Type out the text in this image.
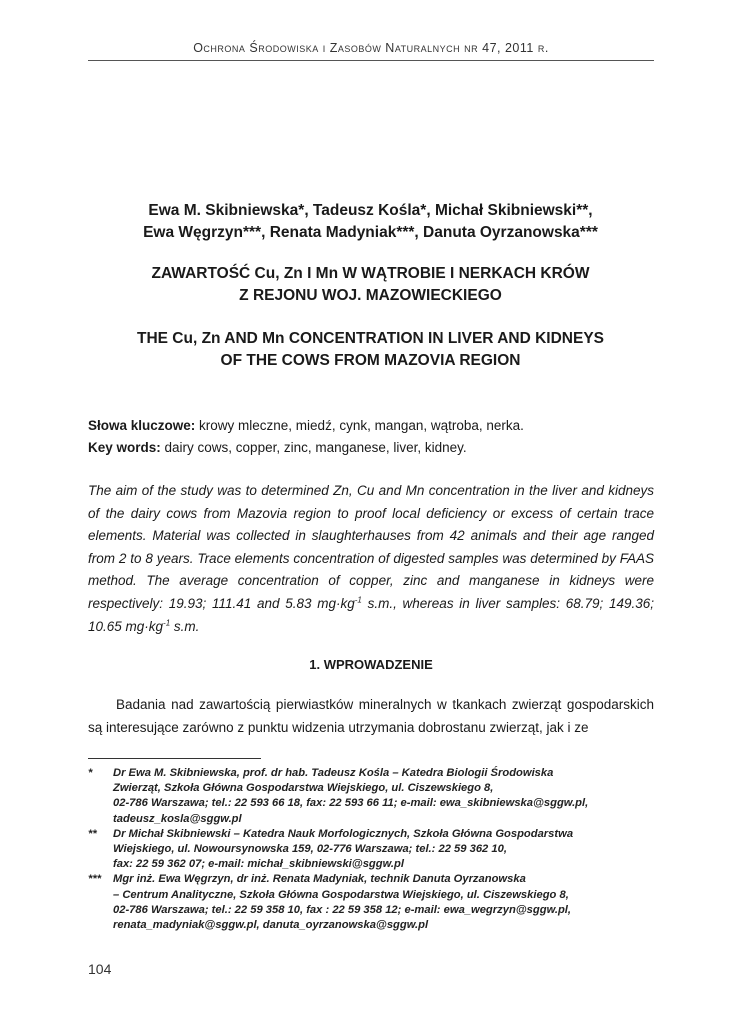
Ochrona Środowiska i Zasobów Naturalnych nr 47, 2011 r.
Ewa M. Skibniewska*, Tadeusz Kośla*, Michał Skibniewski**,
Ewa Węgrzyn***, Renata Madyniak***, Danuta Oyrzanowska***
ZAWARTOŚĆ Cu, Zn I Mn W WĄTROBIE I NERKACH KRÓW
Z REJONU WOJ. MAZOWIECKIEGO
THE Cu, Zn AND Mn CONCENTRATION IN LIVER AND KIDNEYS
OF THE COWS FROM MAZOVIA REGION
Słowa kluczowe: krowy mleczne, miedź, cynk, mangan, wątroba, nerka.
Key words: dairy cows, copper, zinc, manganese, liver, kidney.
The aim of the study was to determined Zn, Cu and Mn concentration in the liver and kidneys of the dairy cows from Mazovia region to proof local deficiency or excess of certain trace elements. Material was collected in slaughterhauses from 42 animals and their age ranged from 2 to 8 years. Trace elements concentration of digested samples was determined by FAAS method. The average concentration of copper, zinc and manganese in kidneys were respectively: 19.93; 111.41 and 5.83 $mg\cdot kg^{-1}$ s.m., whereas in liver samples: 68.79; 149.36; 10.65 $mg\cdot kg^{-1}$ s.m.
1. WPROWADZENIE
Badania nad zawartością pierwiastków mineralnych w tkankach zwierząt gospodarskich są interesujące zarówno z punktu widzenia utrzymania dobrostanu zwierząt, jak i ze
*	Dr Ewa M. Skibniewska, prof. dr hab. Tadeusz Kośla – Katedra Biologii Środowiska
Zwierząt, Szkoła Główna Gospodarstwa Wiejskiego, ul. Ciszewskiego 8,
02-786 Warszawa; tel.: 22 593 66 18, fax: 22 593 66 11; e-mail: ewa_skibniewska@sggw.pl,
tadeusz_kosla@sggw.pl
**	Dr Michał Skibniewski – Katedra Nauk Morfologicznych, Szkoła Główna Gospodarstwa
Wiejskiego, ul. Nowoursynowska 159, 02-776 Warszawa; tel.: 22 59 362 10,
fax: 22 59 362 07; e-mail: michał_skibniewski@sggw.pl
***	Mgr inż. Ewa Węgrzyn, dr inż. Renata Madyniak, technik Danuta Oyrzanowska
– Centrum Analityczne, Szkoła Główna Gospodarstwa Wiejskiego, ul. Ciszewskiego 8,
02-786 Warszawa; tel.: 22 59 358 10, fax : 22 59 358 12; e-mail: ewa_wegrzyn@sggw.pl,
renata_madyniak@sggw.pl, danuta_oyrzanowska@sggw.pl
104
